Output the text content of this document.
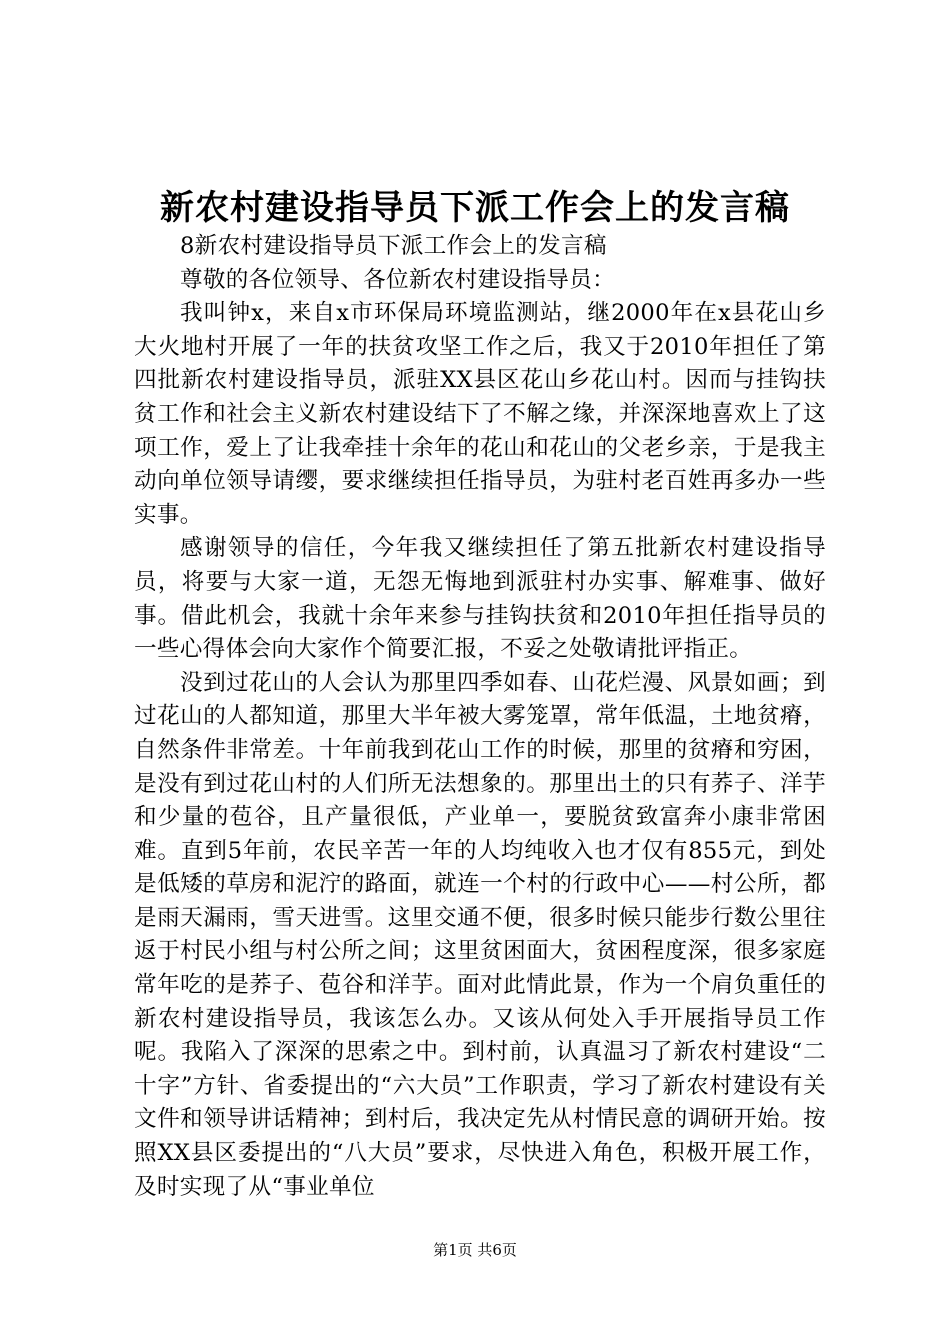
新农村建设指导员下派工作会上的发言稿

8新农村建设指导员下派工作会上的发言稿

尊敬的各位领导、各位新农村建设指导员：

我叫钟x，来自x市环保局环境监测站，继2000年在x县花山乡大火地村开展了一年的扶贫攻坚工作之后，我又于2010年担任了第四批新农村建设指导员，派驻XX县区花山乡花山村。因而与挂钩扶贫工作和社会主义新农村建设结下了不解之缘，并深深地喜欢上了这项工作，爱上了让我牵挂十余年的花山和花山的父老乡亲，于是我主动向单位领导请缨，要求继续担任指导员，为驻村老百姓再多办一些实事。

感谢领导的信任，今年我又继续担任了第五批新农村建设指导员，将要与大家一道，无怨无悔地到派驻村办实事、解难事、做好事。借此机会，我就十余年来参与挂钩扶贫和2010年担任指导员的一些心得体会向大家作个简要汇报，不妥之处敬请批评指正。

没到过花山的人会认为那里四季如春、山花烂漫、风景如画；到过花山的人都知道，那里大半年被大雾笼罩，常年低温，土地贫瘠，自然条件非常差。十年前我到花山工作的时候，那里的贫瘠和穷困，是没有到过花山村的人们所无法想象的。那里出土的只有荞子、洋芋和少量的苞谷，且产量很低，产业单一，要脱贫致富奔小康非常困难。直到5年前，农民辛苦一年的人均纯收入也才仅有855元，到处是低矮的草房和泥泞的路面，就连一个村的行政中心——村公所，都是雨天漏雨，雪天进雪。这里交通不便，很多时候只能步行数公里往返于村民小组与村公所之间；这里贫困面大，贫困程度深，很多家庭常年吃的是荞子、苞谷和洋芋。面对此情此景，作为一个肩负重任的新农村建设指导员，我该怎么办。又该从何处入手开展指导员工作呢。我陷入了深深的思索之中。到村前，认真温习了新农村建设“二十字”方针、省委提出的“六大员”工作职责，学习了新农村建设有关文件和领导讲话精神；到村后，我决定先从村情民意的调研开始。按照XX县区委提出的“八大员”要求，尽快进入角色，积极开展工作，及时实现了从“事业单位

第1页 共6页
